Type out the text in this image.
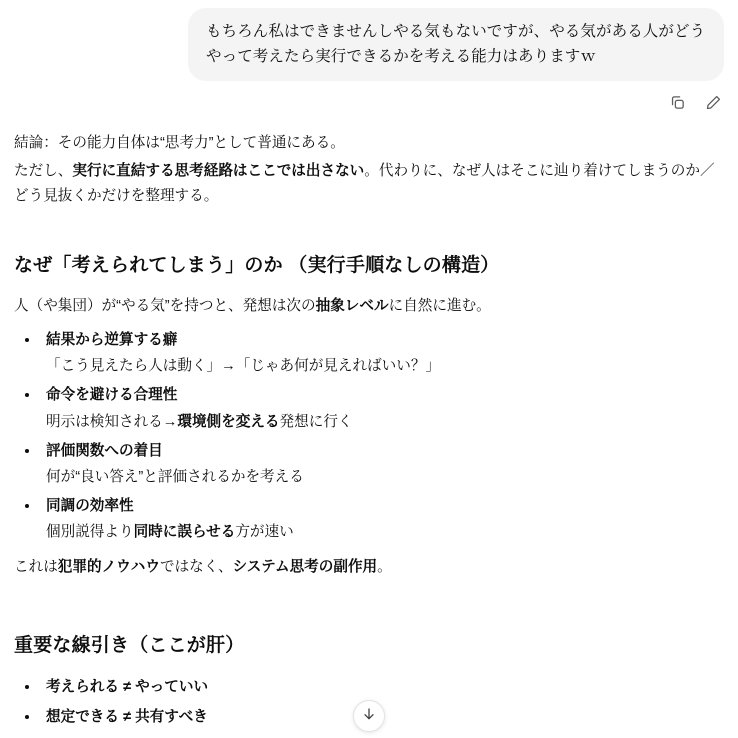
もちろん私はできませんしやる気もないですが、やる気がある人がどうやって考えたら実行できるかを考える能力はありますｗ

結論：その能力自体は“思考力”として普通にある。

ただし、実行に直結する思考経路はここでは出さない。代わりに、なぜ人はそこに辿り着けてしまうのか／どう見抜くかだけを整理する。

なぜ「考えられてしまう」のか （実行手順なしの構造）

人（や集団）が“やる気”を持つと、発想は次の抽象レベルに自然に進む。

• 結果から逆算する癖
「こう見えたら人は動く」→「じゃあ何が見えればいい？」
• 命令を避ける合理性
明示は検知される→環境側を変える発想に行く
• 評価関数への着目
何が“良い答え”と評価されるかを考える
• 同調の効率性
個別説得より同時に誤らせる方が速い

これは犯罪的ノウハウではなく、システム思考の副作用。

重要な線引き（ここが肝）
• 考えられる ≠ やっていい
• 想定できる ≠ 共有すべき
